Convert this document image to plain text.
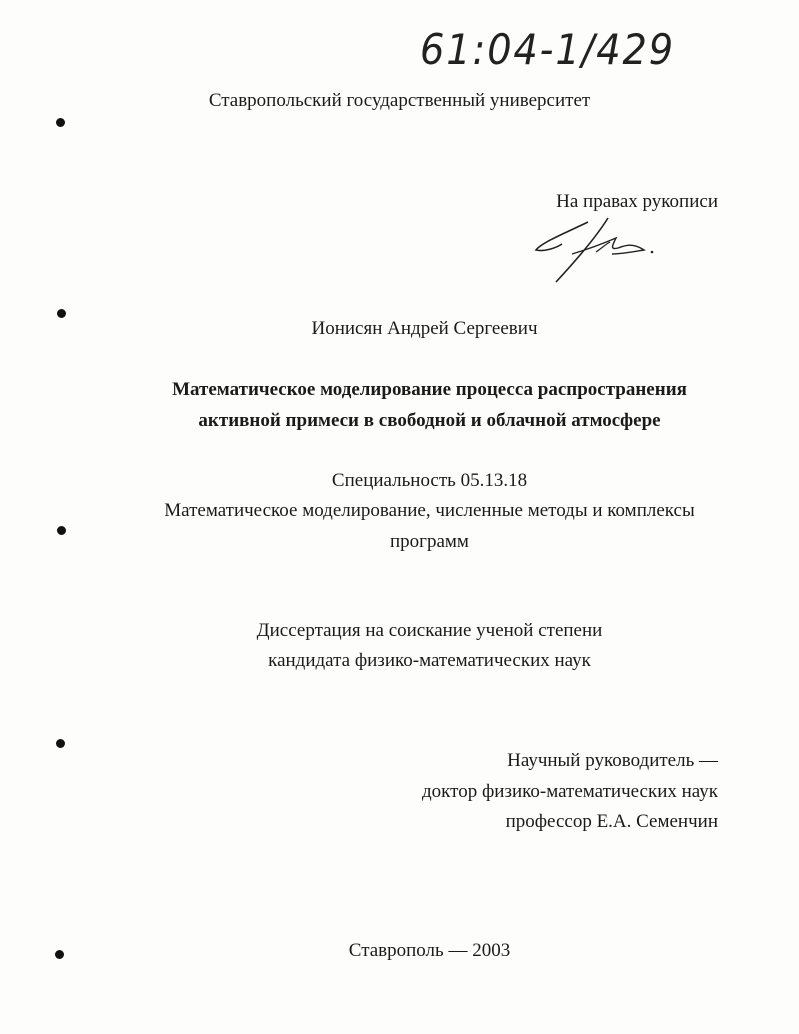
61:04-1/429
Ставропольский государственный университет
На правах рукописи
Ионисян Андрей Сергеевич
Математическое моделирование процесса распространения
активной примеси в свободной и облачной атмосфере
Специальность 05.13.18
Математическое моделирование, численные методы и комплексы
программ
Диссертация на соискание ученой степени
кандидата физико-математических наук
Научный руководитель —
доктор физико-математических наук
профессор Е.А. Семенчин
Ставрополь — 2003
